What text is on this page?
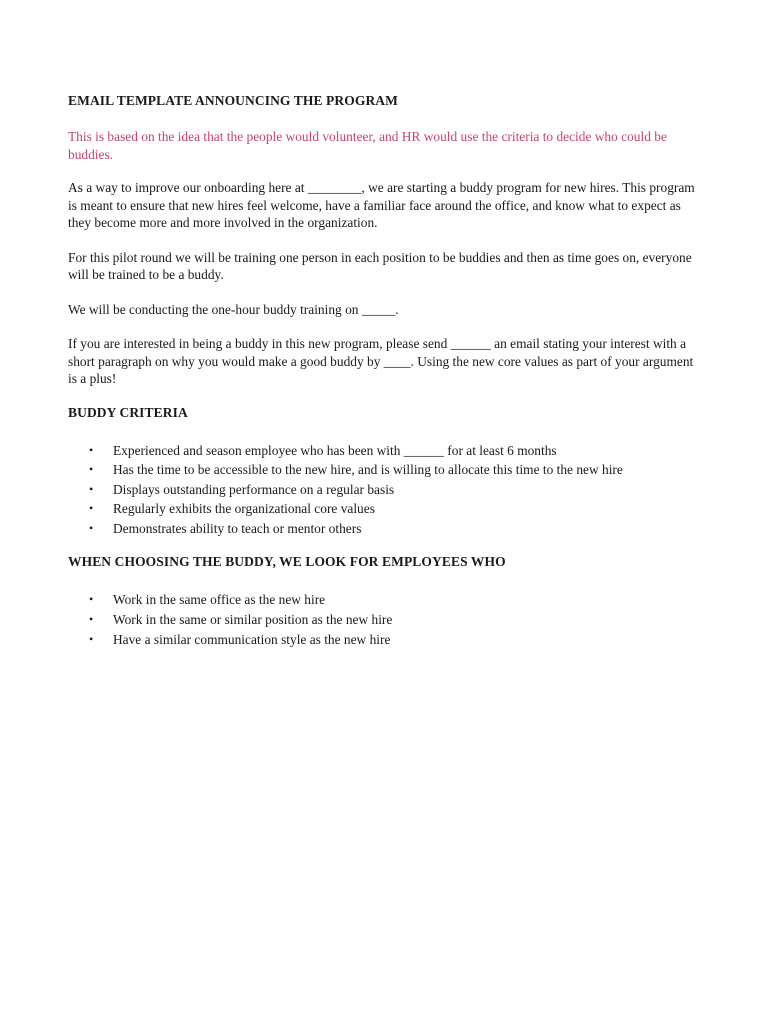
EMAIL TEMPLATE ANNOUNCING THE PROGRAM

This is based on the idea that the people would volunteer, and HR would use the criteria to decide who could be buddies.

As a way to improve our onboarding here at ________, we are starting a buddy program for new hires. This program is meant to ensure that new hires feel welcome, have a familiar face around the office, and know what to expect as they become more and more involved in the organization.

For this pilot round we will be training one person in each position to be buddies and then as time goes on, everyone will be trained to be a buddy.

We will be conducting the one-hour buddy training on _____.

If you are interested in being a buddy in this new program, please send ______ an email stating your interest with a short paragraph on why you would make a good buddy by ____. Using the new core values as part of your argument is a plus!

BUDDY CRITERIA

• Experienced and season employee who has been with ______ for at least 6 months
• Has the time to be accessible to the new hire, and is willing to allocate this time to the new hire
• Displays outstanding performance on a regular basis
• Regularly exhibits the organizational core values
• Demonstrates ability to teach or mentor others

WHEN CHOOSING THE BUDDY, WE LOOK FOR EMPLOYEES WHO

• Work in the same office as the new hire
• Work in the same or similar position as the new hire
• Have a similar communication style as the new hire
